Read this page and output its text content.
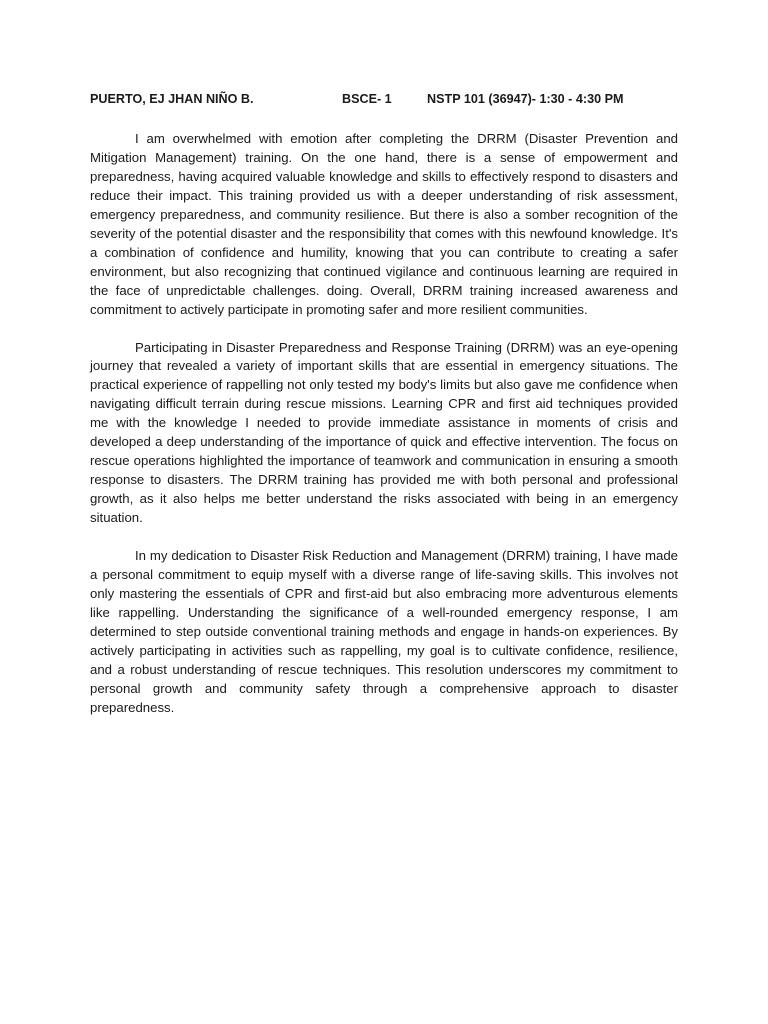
PUERTO, EJ JHAN NIÑO B.	BSCE- 1	NSTP 101 (36947)- 1:30 - 4:30 PM

I am overwhelmed with emotion after completing the DRRM (Disaster Prevention and Mitigation Management) training. On the one hand, there is a sense of empowerment and preparedness, having acquired valuable knowledge and skills to effectively respond to disasters and reduce their impact. This training provided us with a deeper understanding of risk assessment, emergency preparedness, and community resilience. But there is also a somber recognition of the severity of the potential disaster and the responsibility that comes with this newfound knowledge. It's a combination of confidence and humility, knowing that you can contribute to creating a safer environment, but also recognizing that continued vigilance and continuous learning are required in the face of unpredictable challenges. doing. Overall, DRRM training increased awareness and commitment to actively participate in promoting safer and more resilient communities.

Participating in Disaster Preparedness and Response Training (DRRM) was an eye-opening journey that revealed a variety of important skills that are essential in emergency situations. The practical experience of rappelling not only tested my body's limits but also gave me confidence when navigating difficult terrain during rescue missions. Learning CPR and first aid techniques provided me with the knowledge I needed to provide immediate assistance in moments of crisis and developed a deep understanding of the importance of quick and effective intervention. The focus on rescue operations highlighted the importance of teamwork and communication in ensuring a smooth response to disasters. The DRRM training has provided me with both personal and professional growth, as it also helps me better understand the risks associated with being in an emergency situation.

In my dedication to Disaster Risk Reduction and Management (DRRM) training, I have made a personal commitment to equip myself with a diverse range of life-saving skills. This involves not only mastering the essentials of CPR and first-aid but also embracing more adventurous elements like rappelling. Understanding the significance of a well-rounded emergency response, I am determined to step outside conventional training methods and engage in hands-on experiences. By actively participating in activities such as rappelling, my goal is to cultivate confidence, resilience, and a robust understanding of rescue techniques. This resolution underscores my commitment to personal growth and community safety through a comprehensive approach to disaster preparedness.
